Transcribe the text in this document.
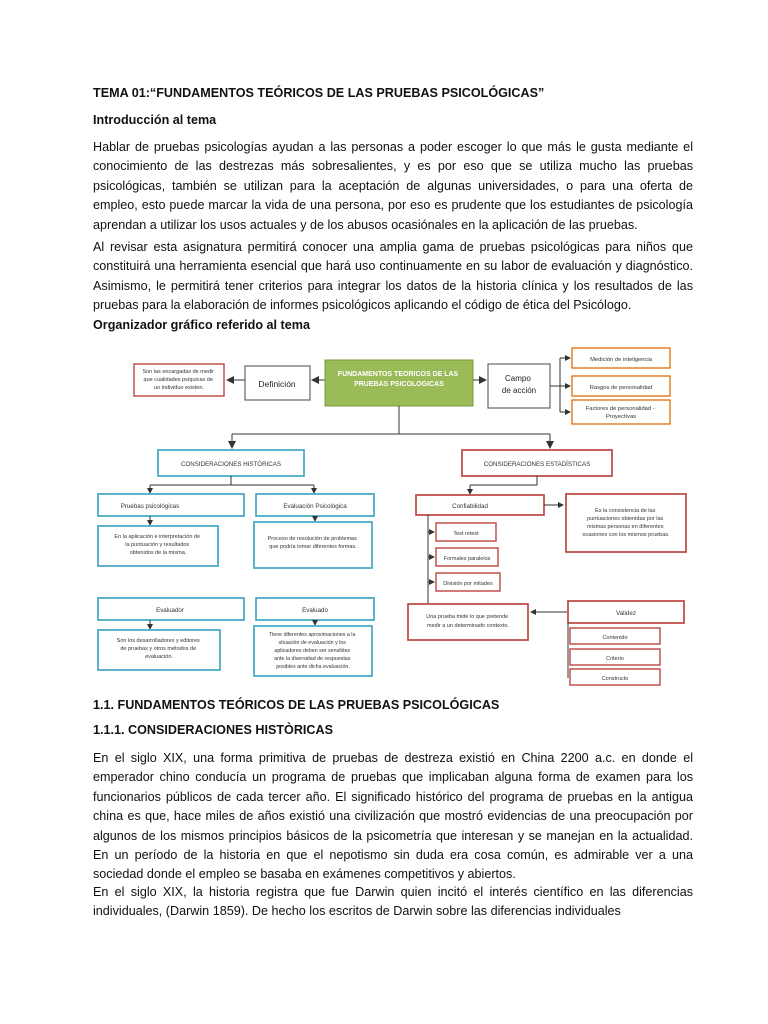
TEMA 01:“FUNDAMENTOS TEÓRICOS DE LAS PRUEBAS PSICOLÓGICAS”
Introducción al tema

Hablar de pruebas psicologías ayudan a las personas a poder escoger lo que más le gusta mediante el conocimiento de las destrezas más sobresalientes, y es por eso que se utiliza mucho las pruebas psicológicas, también se utilizan para la aceptación de algunas universidades, o para una oferta de empleo, esto puede marcar la vida de una persona, por eso es prudente que los estudiantes de psicología aprendan a utilizar los usos actuales y de los abusos ocasiónales en la aplicación de las pruebas.

Al revisar esta asignatura permitirá conocer una amplia gama de pruebas psicológicas para niños que constituirá una herramienta esencial que hará uso continuamente en su labor de evaluación y diagnóstico. Asimismo, le permitirá tener criterios para integrar los datos de la historia clínica y los resultados de las pruebas para la elaboración de informes psicológicos aplicando el código de ética del Psicólogo.

Organizador gráfico referido al tema
Son las encargadas de medir que cualidades psíquicas de un individuo existen.	Definición
FUNDAMENTOS TEORICOS DE LAS PRUEBAS PSICOLOGICAS
Campo de acción
Medición de inteligencia
Rasgos de personalidad
Factores de personalidad - Proyectivas
CONSIDERACIONES HISTÓRICAS	CONSIDERACIONES ESTADÍSTICAS
Pruebas psicológicas	Evaluación Psicológica
En la aplicación e interpretación de la puntuación y resultados obtenidos de la misma.
Proceso de resolución de problemas que podría tomar diferentes formas.
Evaluador	Evaluado
Son los desarrolladores y editores de pruebas y otros métodos de evaluación.
Tiene diferentes aproximaciones a la situación de evaluación y los aplicadores deben ser sensibles ante la diversidad de respuestas posibles ante dicha evaluación.
Confiabilidad
Es la consistencia de las puntuaciones obtenidas por las mismas personas en diferentes ocasiones con los mismos pruebas.
Test retest
Formales paralelos
División por mitades
Una prueba mide lo que pretende medir a un determinado contexto.
Validez
Contenido
Criterio
Constructo
1.1. FUNDAMENTOS TEÓRICOS DE LAS PRUEBAS PSICOLÓGICAS
1.1.1. CONSIDERACIONES HISTÒRICAS

En el siglo XIX, una forma primitiva de pruebas de destreza existió en China 2200 a.c. en donde el emperador chino conducía un programa de pruebas que implicaban alguna forma de examen para los funcionarios públicos de cada tercer año. El significado histórico del programa de pruebas en la antigua china es que, hace miles de años existió una civilización que mostró evidencias de una preocupación por algunos de los mismos principios básicos de la psicometría que interesan y se manejan en la actualidad. En un período de la historia en que el nepotismo sin duda era cosa común, es admirable ver a una sociedad donde el empleo se basaba en exámenes competitivos y abiertos.

En el siglo XIX, la historia registra que fue Darwin quien incitó el interés científico en las diferencias individuales, (Darwin 1859). De hecho los escritos de Darwin sobre las diferencias individuales
